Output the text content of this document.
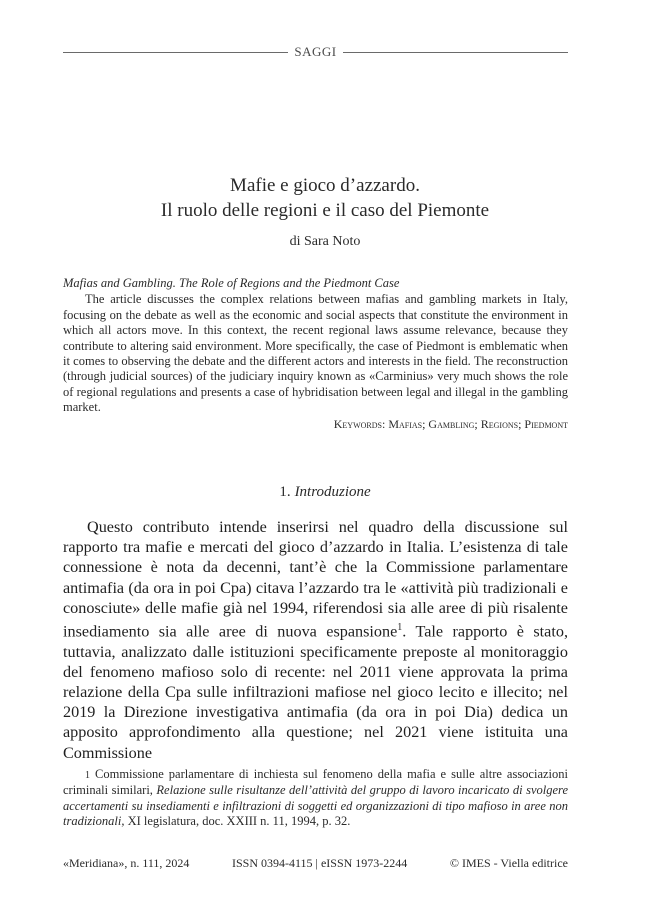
SAGGI
Mafie e gioco d’azzardo.
Il ruolo delle regioni e il caso del Piemonte
di Sara Noto
Mafias and Gambling. The Role of Regions and the Piedmont Case

The article discusses the complex relations between mafias and gambling markets in Italy, focusing on the debate as well as the economic and social aspects that constitute the environment in which all actors move. In this context, the recent regional laws assume relevance, because they contribute to altering said environment. More specifically, the case of Piedmont is emblematic when it comes to observing the debate and the different actors and interests in the field. The reconstruction (through judicial sources) of the judiciary inquiry known as «Carminius» very much shows the role of regional regulations and presents a case of hybridisation between legal and illegal in the gambling market.

Keywords: Mafias; Gambling; Regions; Piedmont
1. Introduzione

Questo contributo intende inserirsi nel quadro della discussione sul rapporto tra mafie e mercati del gioco d’azzardo in Italia. L’esistenza di tale connessione è nota da decenni, tant’è che la Commissione parlamentare antimafia (da ora in poi Cpa) citava l’azzardo tra le «attività più tradizionali e conosciute» delle mafie già nel 1994, riferendosi sia alle aree di più risalente insediamento sia alle aree di nuova espansione$^1$. Tale rapporto è stato, tuttavia, analizzato dalle istituzioni specificamente preposte al monitoraggio del fenomeno mafioso solo di recente: nel 2011 viene approvata la prima relazione della Cpa sulle infiltrazioni mafiose nel gioco lecito e illecito; nel 2019 la Direzione investigativa antimafia (da ora in poi Dia) dedica un apposito approfondimento alla questione; nel 2021 viene istituita una Commissione

1 Commissione parlamentare di inchiesta sul fenomeno della mafia e sulle altre associazioni criminali similari, Relazione sulle risultanze dell’attività del gruppo di lavoro incaricato di svolgere accertamenti su insediamenti e infiltrazioni di soggetti ed organizzazioni di tipo mafioso in aree non tradizionali, XI legislatura, doc. XXIII n. 11, 1994, p. 32.

«Meridiana», n. 111, 2024	ISSN 0394-4115 | eISSN 1973-2244	© IMES - Viella editrice
